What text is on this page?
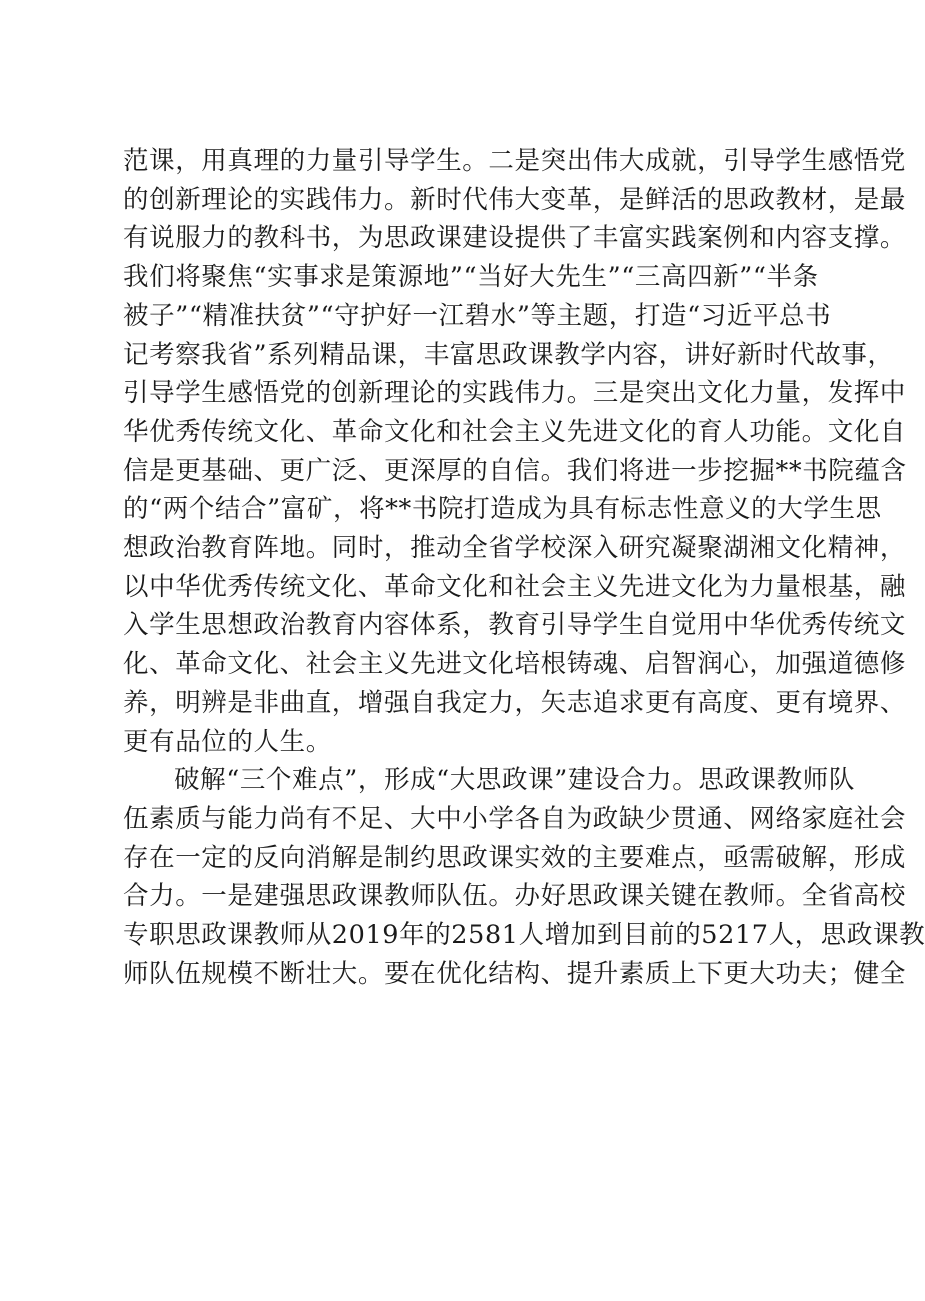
范课，用真理的力量引导学生。二是突出伟大成就，引导学生感悟党
的创新理论的实践伟力。新时代伟大变革，是鲜活的思政教材，是最
有说服力的教科书，为思政课建设提供了丰富实践案例和内容支撑。
我们将聚焦“实事求是策源地”“当好大先生”“三高四新”“半条
被子”“精准扶贫”“守护好一江碧水”等主题，打造“习近平总书
记考察我省”系列精品课，丰富思政课教学内容，讲好新时代故事，
引导学生感悟党的创新理论的实践伟力。三是突出文化力量，发挥中
华优秀传统文化、革命文化和社会主义先进文化的育人功能。文化自
信是更基础、更广泛、更深厚的自信。我们将进一步挖掘**书院蕴含
的“两个结合”富矿，将**书院打造成为具有标志性意义的大学生思
想政治教育阵地。同时，推动全省学校深入研究凝聚湖湘文化精神，
以中华优秀传统文化、革命文化和社会主义先进文化为力量根基，融
入学生思想政治教育内容体系，教育引导学生自觉用中华优秀传统文
化、革命文化、社会主义先进文化培根铸魂、启智润心，加强道德修
养，明辨是非曲直，增强自我定力，矢志追求更有高度、更有境界、
更有品位的人生。

破解“三个难点”，形成“大思政课”建设合力。思政课教师队
伍素质与能力尚有不足、大中小学各自为政缺少贯通、网络家庭社会
存在一定的反向消解是制约思政课实效的主要难点，亟需破解，形成
合力。一是建强思政课教师队伍。办好思政课关键在教师。全省高校
专职思政课教师从2019年的2581人增加到目前的5217人，思政课教
师队伍规模不断壮大。要在优化结构、提升素质上下更大功夫；健全
